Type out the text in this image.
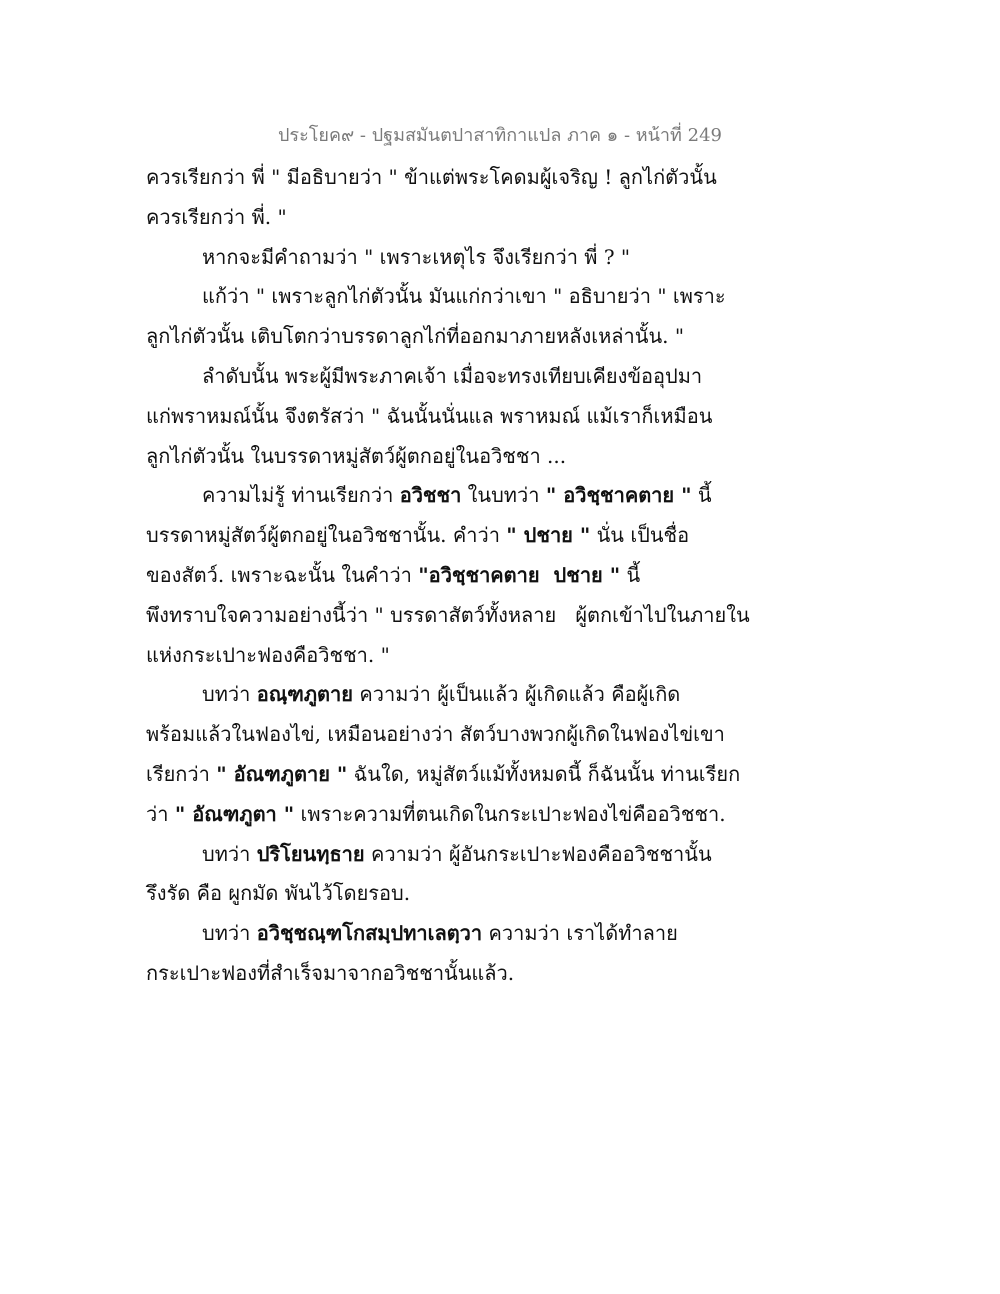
ประโยค๙ - ปฐมสมันตปาสาทิกาแปล ภาค ๑ - หน้าที่ 249
ควรเรียกว่า พี่ " มีอธิบายว่า " ข้าแต่พระโคดมผู้เจริญ ! ลูกไก่ตัวนั้น
ควรเรียกว่า พี่. "
หากจะมีคำถามว่า " เพราะเหตุไร จึงเรียกว่า พี่ ? "
แก้ว่า " เพราะลูกไก่ตัวนั้น มันแก่กว่าเขา " อธิบายว่า " เพราะ
ลูกไก่ตัวนั้น เติบโตกว่าบรรดาลูกไก่ที่ออกมาภายหลังเหล่านั้น. "
ลำดับนั้น พระผู้มีพระภาคเจ้า เมื่อจะทรงเทียบเคียงข้ออุปมา
แก่พราหมณ์นั้น จึงตรัสว่า " ฉันนั้นนั่นแล พราหมณ์ แม้เราก็เหมือน
ลูกไก่ตัวนั้น ในบรรดาหมู่สัตว์ผู้ตกอยู่ในอวิชชา ...
ความไม่รู้ ท่านเรียกว่า อวิชชา ในบทว่า " อวิชฺชาคตาย " นี้
บรรดาหมู่สัตว์ผู้ตกอยู่ในอวิชชานั้น. คำว่า " ปชาย " นั่น เป็นชื่อ
ของสัตว์. เพราะฉะนั้น ในคำว่า "อวิชฺชาคตาย  ปชาย " นี้
พึงทราบใจความอย่างนี้ว่า " บรรดาสัตว์ทั้งหลาย   ผู้ตกเข้าไปในภายใน
แห่งกระเปาะฟองคือวิชชา. "
บทว่า อณฺฑภูตาย ความว่า ผู้เป็นแล้ว ผู้เกิดแล้ว คือผู้เกิด
พร้อมแล้วในฟองไข่, เหมือนอย่างว่า สัตว์บางพวกผู้เกิดในฟองไข่เขา
เรียกว่า " อัณฑภูตาย " ฉันใด, หมู่สัตว์แม้ทั้งหมดนี้ ก็ฉันนั้น ท่านเรียก
ว่า " อัณฑภูตา " เพราะความที่ตนเกิดในกระเปาะฟองไข่คืออวิชชา.
บทว่า ปริโยนทฺธาย ความว่า ผู้อันกระเปาะฟองคืออวิชชานั้น
รึงรัด คือ ผูกมัด พันไว้โดยรอบ.
บทว่า อวิชฺชณฺฑโกสมฺปทาเลตฺวา ความว่า เราได้ทำลาย
กระเปาะฟองที่สำเร็จมาจากอวิชชานั้นแล้ว.
